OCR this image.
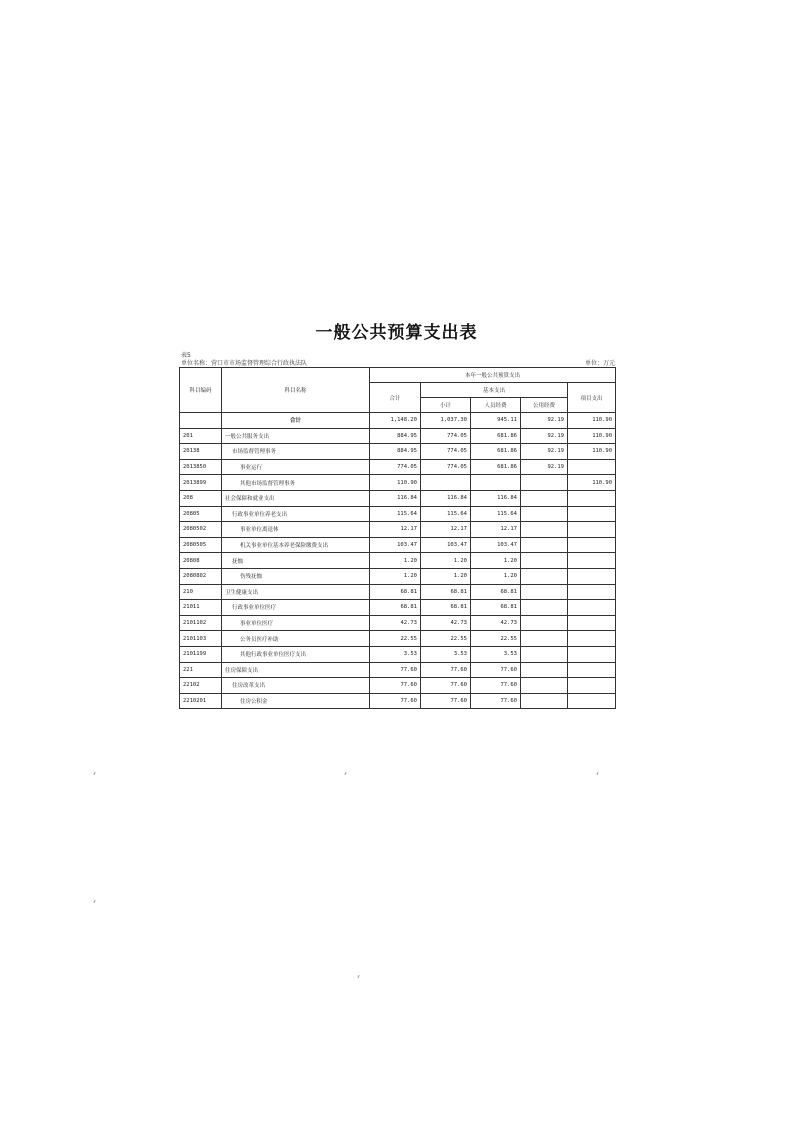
一般公共预算支出表
表5
单位名称：营口市市场监督管理综合行政执法队	单位：万元
科目编码	科目名称	本年一般公共预算支出				
		合计	基本支出			项目支出
			小计	人员经费	公用经费	
	合计	1,148.20	1,037.30	945.11	92.19	110.90
201	一般公共服务支出	884.95	774.05	681.86	92.19	110.90
20138	市场监督管理事务	884.95	774.05	681.86	92.19	110.90
2013850	事业运行	774.05	774.05	681.86	92.19	
2013899	其他市场监督管理事务	110.90				110.90
208	社会保障和就业支出	116.84	116.84	116.84		
20805	行政事业单位养老支出	115.64	115.64	115.64		
2080502	事业单位离退休	12.17	12.17	12.17		
2080505	机关事业单位基本养老保险缴费支出	103.47	103.47	103.47		
20808	抚恤	1.20	1.20	1.20		
2080802	伤残抚恤	1.20	1.20	1.20		
210	卫生健康支出	68.81	68.81	68.81		
21011	行政事业单位医疗	68.81	68.81	68.81		
2101102	事业单位医疗	42.73	42.73	42.73		
2101103	公务员医疗补助	22.55	22.55	22.55		
2101199	其他行政事业单位医疗支出	3.53	3.53	3.53		
221	住房保障支出	77.60	77.60	77.60		
22102	住房改革支出	77.60	77.60	77.60		
2210201	住房公积金	77.60	77.60	77.60		
